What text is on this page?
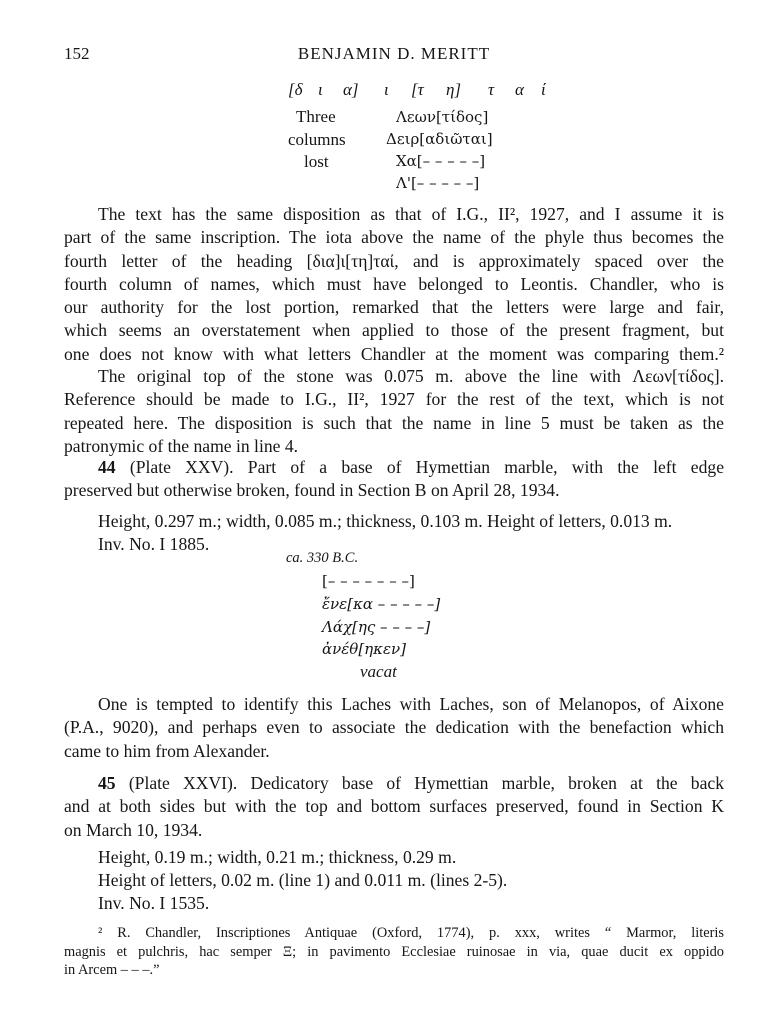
152	BENJAMIN D. MERITT
[δ ι α] ι [τ η] τ α ί
Three
columns
lost
Λεων[τίδος]
Δειρ[αδιῶται]
Χα[– – – – –]
Λ'[– – – – –]
The text has the same disposition as that of I.G., II², 1927, and I assume it is
part of the same inscription. The iota above the name of the phyle thus becomes the
fourth letter of the heading [δια]ι[τη]ταί, and is approximately spaced over the
fourth column of names, which must have belonged to Leontis. Chandler, who is
our authority for the lost portion, remarked that the letters were large and fair,
which seems an overstatement when applied to those of the present fragment, but
one does not know with what letters Chandler at the moment was comparing them.²
The original top of the stone was 0.075 m. above the line with Λεων[τίδος].
Reference should be made to I.G., II², 1927 for the rest of the text, which is not
repeated here. The disposition is such that the name in line 5 must be taken as the
patronymic of the name in line 4.
44 (Plate XXV). Part of a base of Hymettian marble, with the left edge
preserved but otherwise broken, found in Section B on April 28, 1934.
Height, 0.297 m.; width, 0.085 m.; thickness, 0.103 m. Height of letters, 0.013 m.
Inv. No. I 1885.
ca. 330 B.C.
[– – – – – – –]
ἔνε[κα – – – – –]
Λάχ[ης – – – –]
ἀνέθ[ηκεν]
vacat
One is tempted to identify this Laches with Laches, son of Melanopos, of Aixone
(P.A., 9020), and perhaps even to associate the dedication with the benefaction which
came to him from Alexander.
45 (Plate XXVI). Dedicatory base of Hymettian marble, broken at the back
and at both sides but with the top and bottom surfaces preserved, found in Section K
on March 10, 1934.
Height, 0.19 m.; width, 0.21 m.; thickness, 0.29 m.
Height of letters, 0.02 m. (line 1) and 0.011 m. (lines 2-5).
Inv. No. I 1535.
² R. Chandler, Inscriptiones Antiquae (Oxford, 1774), p. xxx, writes “ Marmor, literis
magnis et pulchris, hac semper Ξ; in pavimento Ecclesiae ruinosae in via, quae ducit ex oppido
in Arcem – – –.”
